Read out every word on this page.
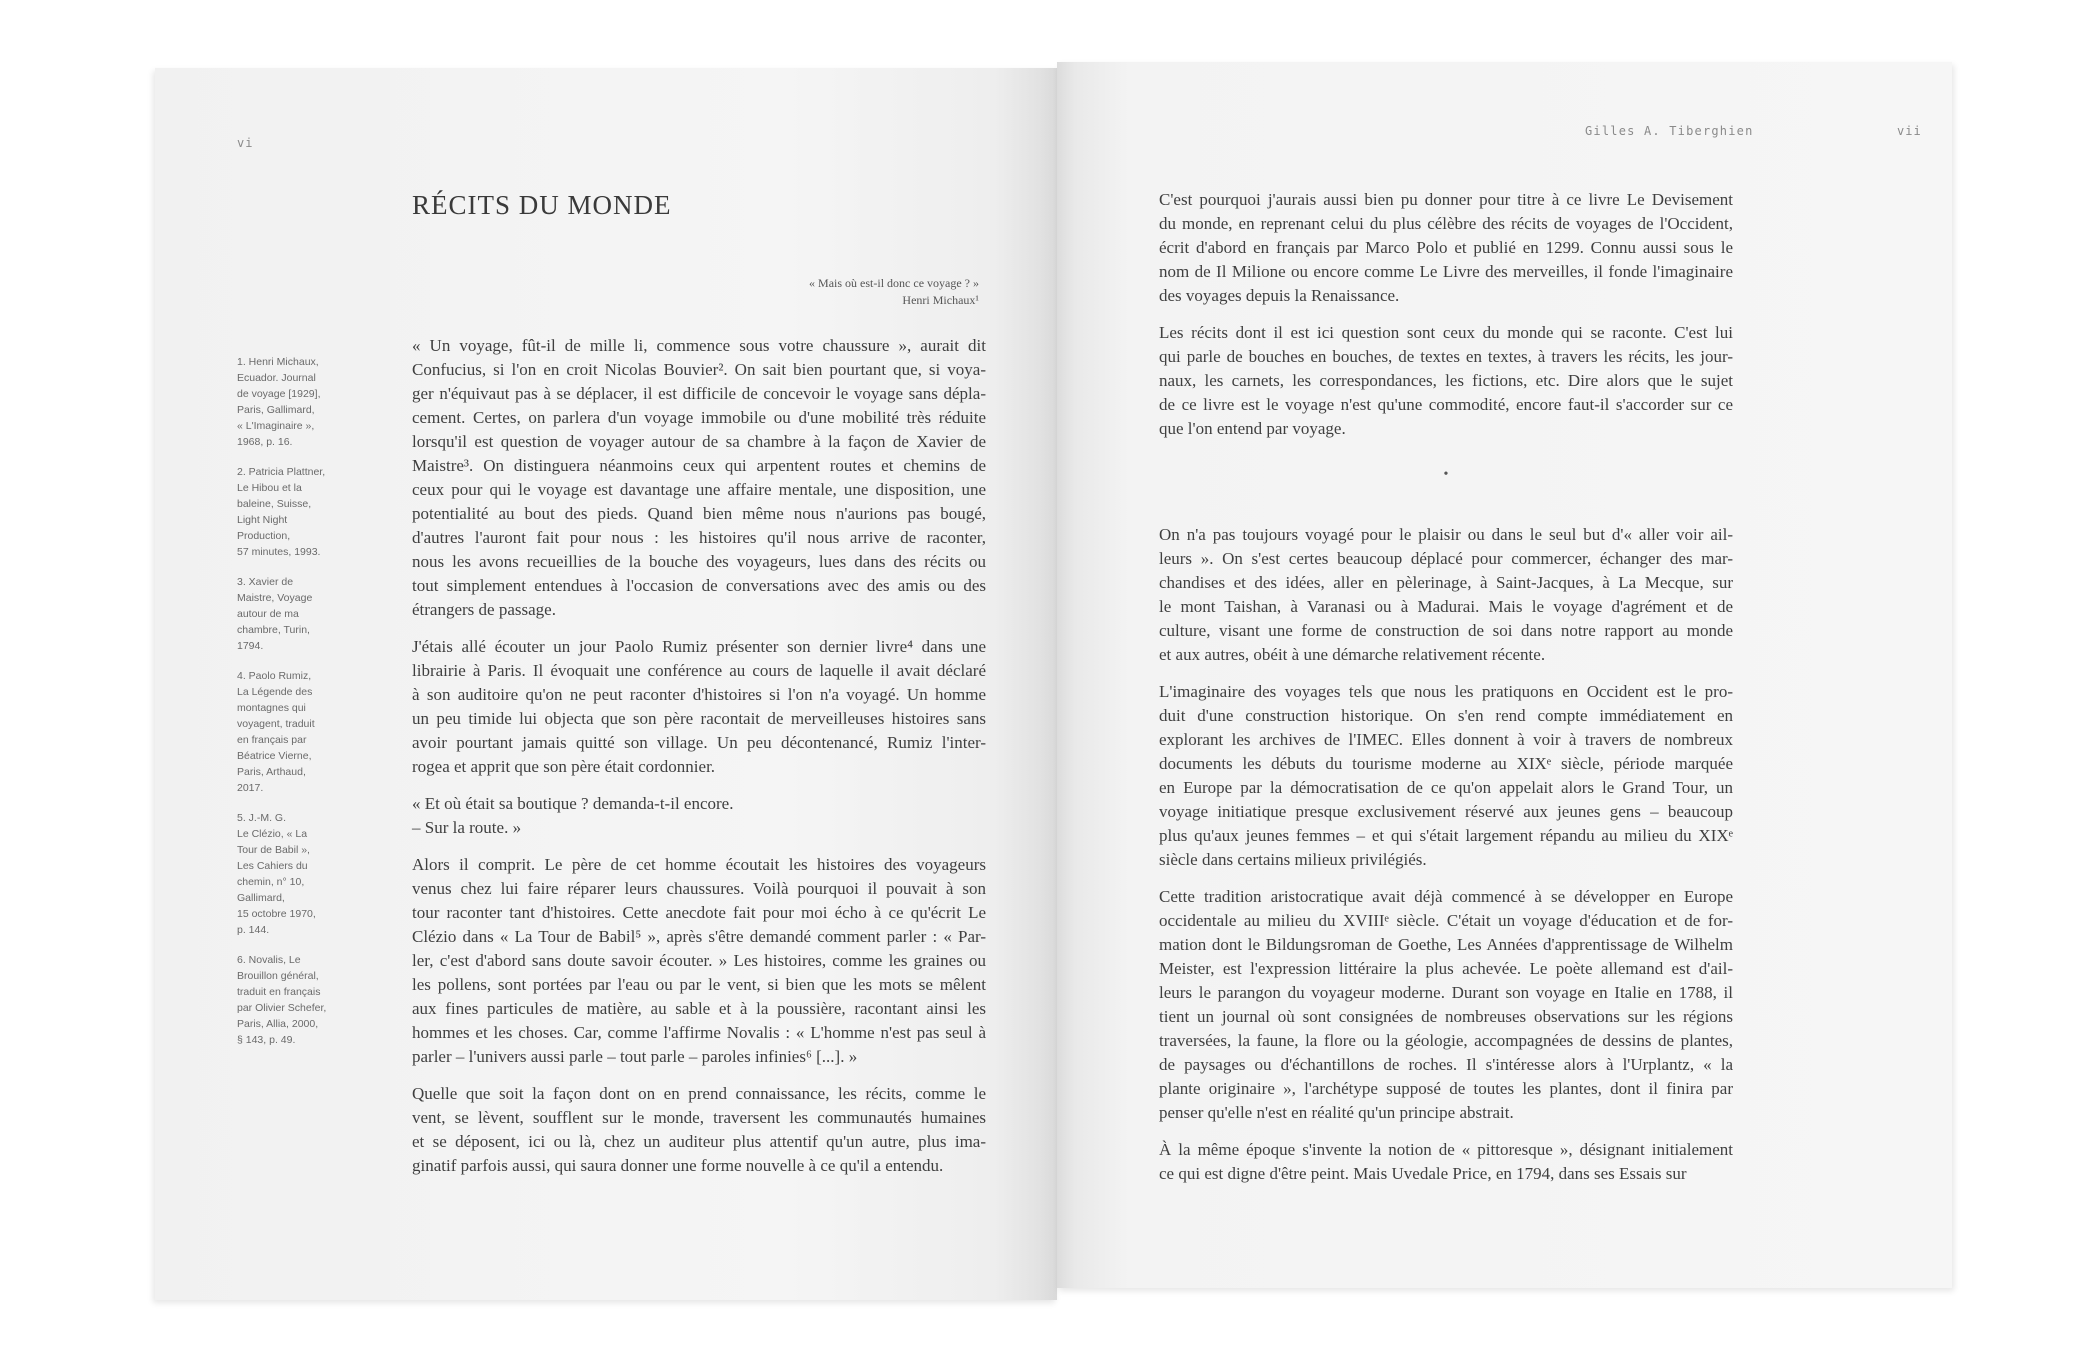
vi
RÉCITS DU MONDE
« Mais où est-il donc ce voyage ? »
Henri Michaux¹
1. Henri Michaux,
Ecuador. Journal
de voyage [1929],
Paris, Gallimard,
« L'Imaginaire »,
1968, p. 16.
2. Patricia Plattner,
Le Hibou et la
baleine, Suisse,
Light Night
Production,
57 minutes, 1993.
3. Xavier de
Maistre, Voyage
autour de ma
chambre, Turin,
1794.
4. Paolo Rumiz,
La Légende des
montagnes qui
voyagent, traduit
en français par
Béatrice Vierne,
Paris, Arthaud,
2017.
5. J.-M. G.
Le Clézio, « La
Tour de Babil »,
Les Cahiers du
chemin, n° 10,
Gallimard,
15 octobre 1970,
p. 144.
6. Novalis, Le
Brouillon général,
traduit en français
par Olivier Schefer,
Paris, Allia, 2000,
§ 143, p. 49.
« Un voyage, fût-il de mille li, commence sous votre chaussure », aurait dit
Confucius, si l'on en croit Nicolas Bouvier². On sait bien pourtant que, si voya-
ger n'équivaut pas à se déplacer, il est difficile de concevoir le voyage sans dépla-
cement. Certes, on parlera d'un voyage immobile ou d'une mobilité très réduite
lorsqu'il est question de voyager autour de sa chambre à la façon de Xavier de
Maistre³. On distinguera néanmoins ceux qui arpentent routes et chemins de
ceux pour qui le voyage est davantage une affaire mentale, une disposition, une
potentialité au bout des pieds. Quand bien même nous n'aurions pas bougé,
d'autres l'auront fait pour nous : les histoires qu'il nous arrive de raconter,
nous les avons recueillies de la bouche des voyageurs, lues dans des récits ou
tout simplement entendues à l'occasion de conversations avec des amis ou des
étrangers de passage.
J'étais allé écouter un jour Paolo Rumiz présenter son dernier livre⁴ dans une
librairie à Paris. Il évoquait une conférence au cours de laquelle il avait déclaré
à son auditoire qu'on ne peut raconter d'histoires si l'on n'a voyagé. Un homme
un peu timide lui objecta que son père racontait de merveilleuses histoires sans
avoir pourtant jamais quitté son village. Un peu décontenancé, Rumiz l'inter-
rogea et apprit que son père était cordonnier.
« Et où était sa boutique ? demanda-t-il encore.
– Sur la route. »
Alors il comprit. Le père de cet homme écoutait les histoires des voyageurs
venus chez lui faire réparer leurs chaussures. Voilà pourquoi il pouvait à son
tour raconter tant d'histoires. Cette anecdote fait pour moi écho à ce qu'écrit Le
Clézio dans « La Tour de Babil⁵ », après s'être demandé comment parler : « Par-
ler, c'est d'abord sans doute savoir écouter. » Les histoires, comme les graines ou
les pollens, sont portées par l'eau ou par le vent, si bien que les mots se mêlent
aux fines particules de matière, au sable et à la poussière, racontant ainsi les
hommes et les choses. Car, comme l'affirme Novalis : « L'homme n'est pas seul à
parler – l'univers aussi parle – tout parle – paroles infinies⁶ [...]. »
Quelle que soit la façon dont on en prend connaissance, les récits, comme le
vent, se lèvent, soufflent sur le monde, traversent les communautés humaines
et se déposent, ici ou là, chez un auditeur plus attentif qu'un autre, plus ima-
ginatif parfois aussi, qui saura donner une forme nouvelle à ce qu'il a entendu.
Gilles A. Tiberghien	vii
C'est pourquoi j'aurais aussi bien pu donner pour titre à ce livre Le Devisement
du monde, en reprenant celui du plus célèbre des récits de voyages de l'Occident,
écrit d'abord en français par Marco Polo et publié en 1299. Connu aussi sous le
nom de Il Milione ou encore comme Le Livre des merveilles, il fonde l'imaginaire
des voyages depuis la Renaissance.
Les récits dont il est ici question sont ceux du monde qui se raconte. C'est lui
qui parle de bouches en bouches, de textes en textes, à travers les récits, les jour-
naux, les carnets, les correspondances, les fictions, etc. Dire alors que le sujet
de ce livre est le voyage n'est qu'une commodité, encore faut-il s'accorder sur ce
que l'on entend par voyage.
•
On n'a pas toujours voyagé pour le plaisir ou dans le seul but d'« aller voir ail-
leurs ». On s'est certes beaucoup déplacé pour commercer, échanger des mar-
chandises et des idées, aller en pèlerinage, à Saint-Jacques, à La Mecque, sur
le mont Taishan, à Varanasi ou à Madurai. Mais le voyage d'agrément et de
culture, visant une forme de construction de soi dans notre rapport au monde
et aux autres, obéit à une démarche relativement récente.
L'imaginaire des voyages tels que nous les pratiquons en Occident est le pro-
duit d'une construction historique. On s'en rend compte immédiatement en
explorant les archives de l'IMEC. Elles donnent à voir à travers de nombreux
documents les débuts du tourisme moderne au XIXᵉ siècle, période marquée
en Europe par la démocratisation de ce qu'on appelait alors le Grand Tour, un
voyage initiatique presque exclusivement réservé aux jeunes gens – beaucoup
plus qu'aux jeunes femmes – et qui s'était largement répandu au milieu du XIXᵉ
siècle dans certains milieux privilégiés.
Cette tradition aristocratique avait déjà commencé à se développer en Europe
occidentale au milieu du XVIIIᵉ siècle. C'était un voyage d'éducation et de for-
mation dont le Bildungsroman de Goethe, Les Années d'apprentissage de Wilhelm
Meister, est l'expression littéraire la plus achevée. Le poète allemand est d'ail-
leurs le parangon du voyageur moderne. Durant son voyage en Italie en 1788, il
tient un journal où sont consignées de nombreuses observations sur les régions
traversées, la faune, la flore ou la géologie, accompagnées de dessins de plantes,
de paysages ou d'échantillons de roches. Il s'intéresse alors à l'Urplantz, « la
plante originaire », l'archétype supposé de toutes les plantes, dont il finira par
penser qu'elle n'est en réalité qu'un principe abstrait.
À la même époque s'invente la notion de « pittoresque », désignant initialement
ce qui est digne d'être peint. Mais Uvedale Price, en 1794, dans ses Essais sur
